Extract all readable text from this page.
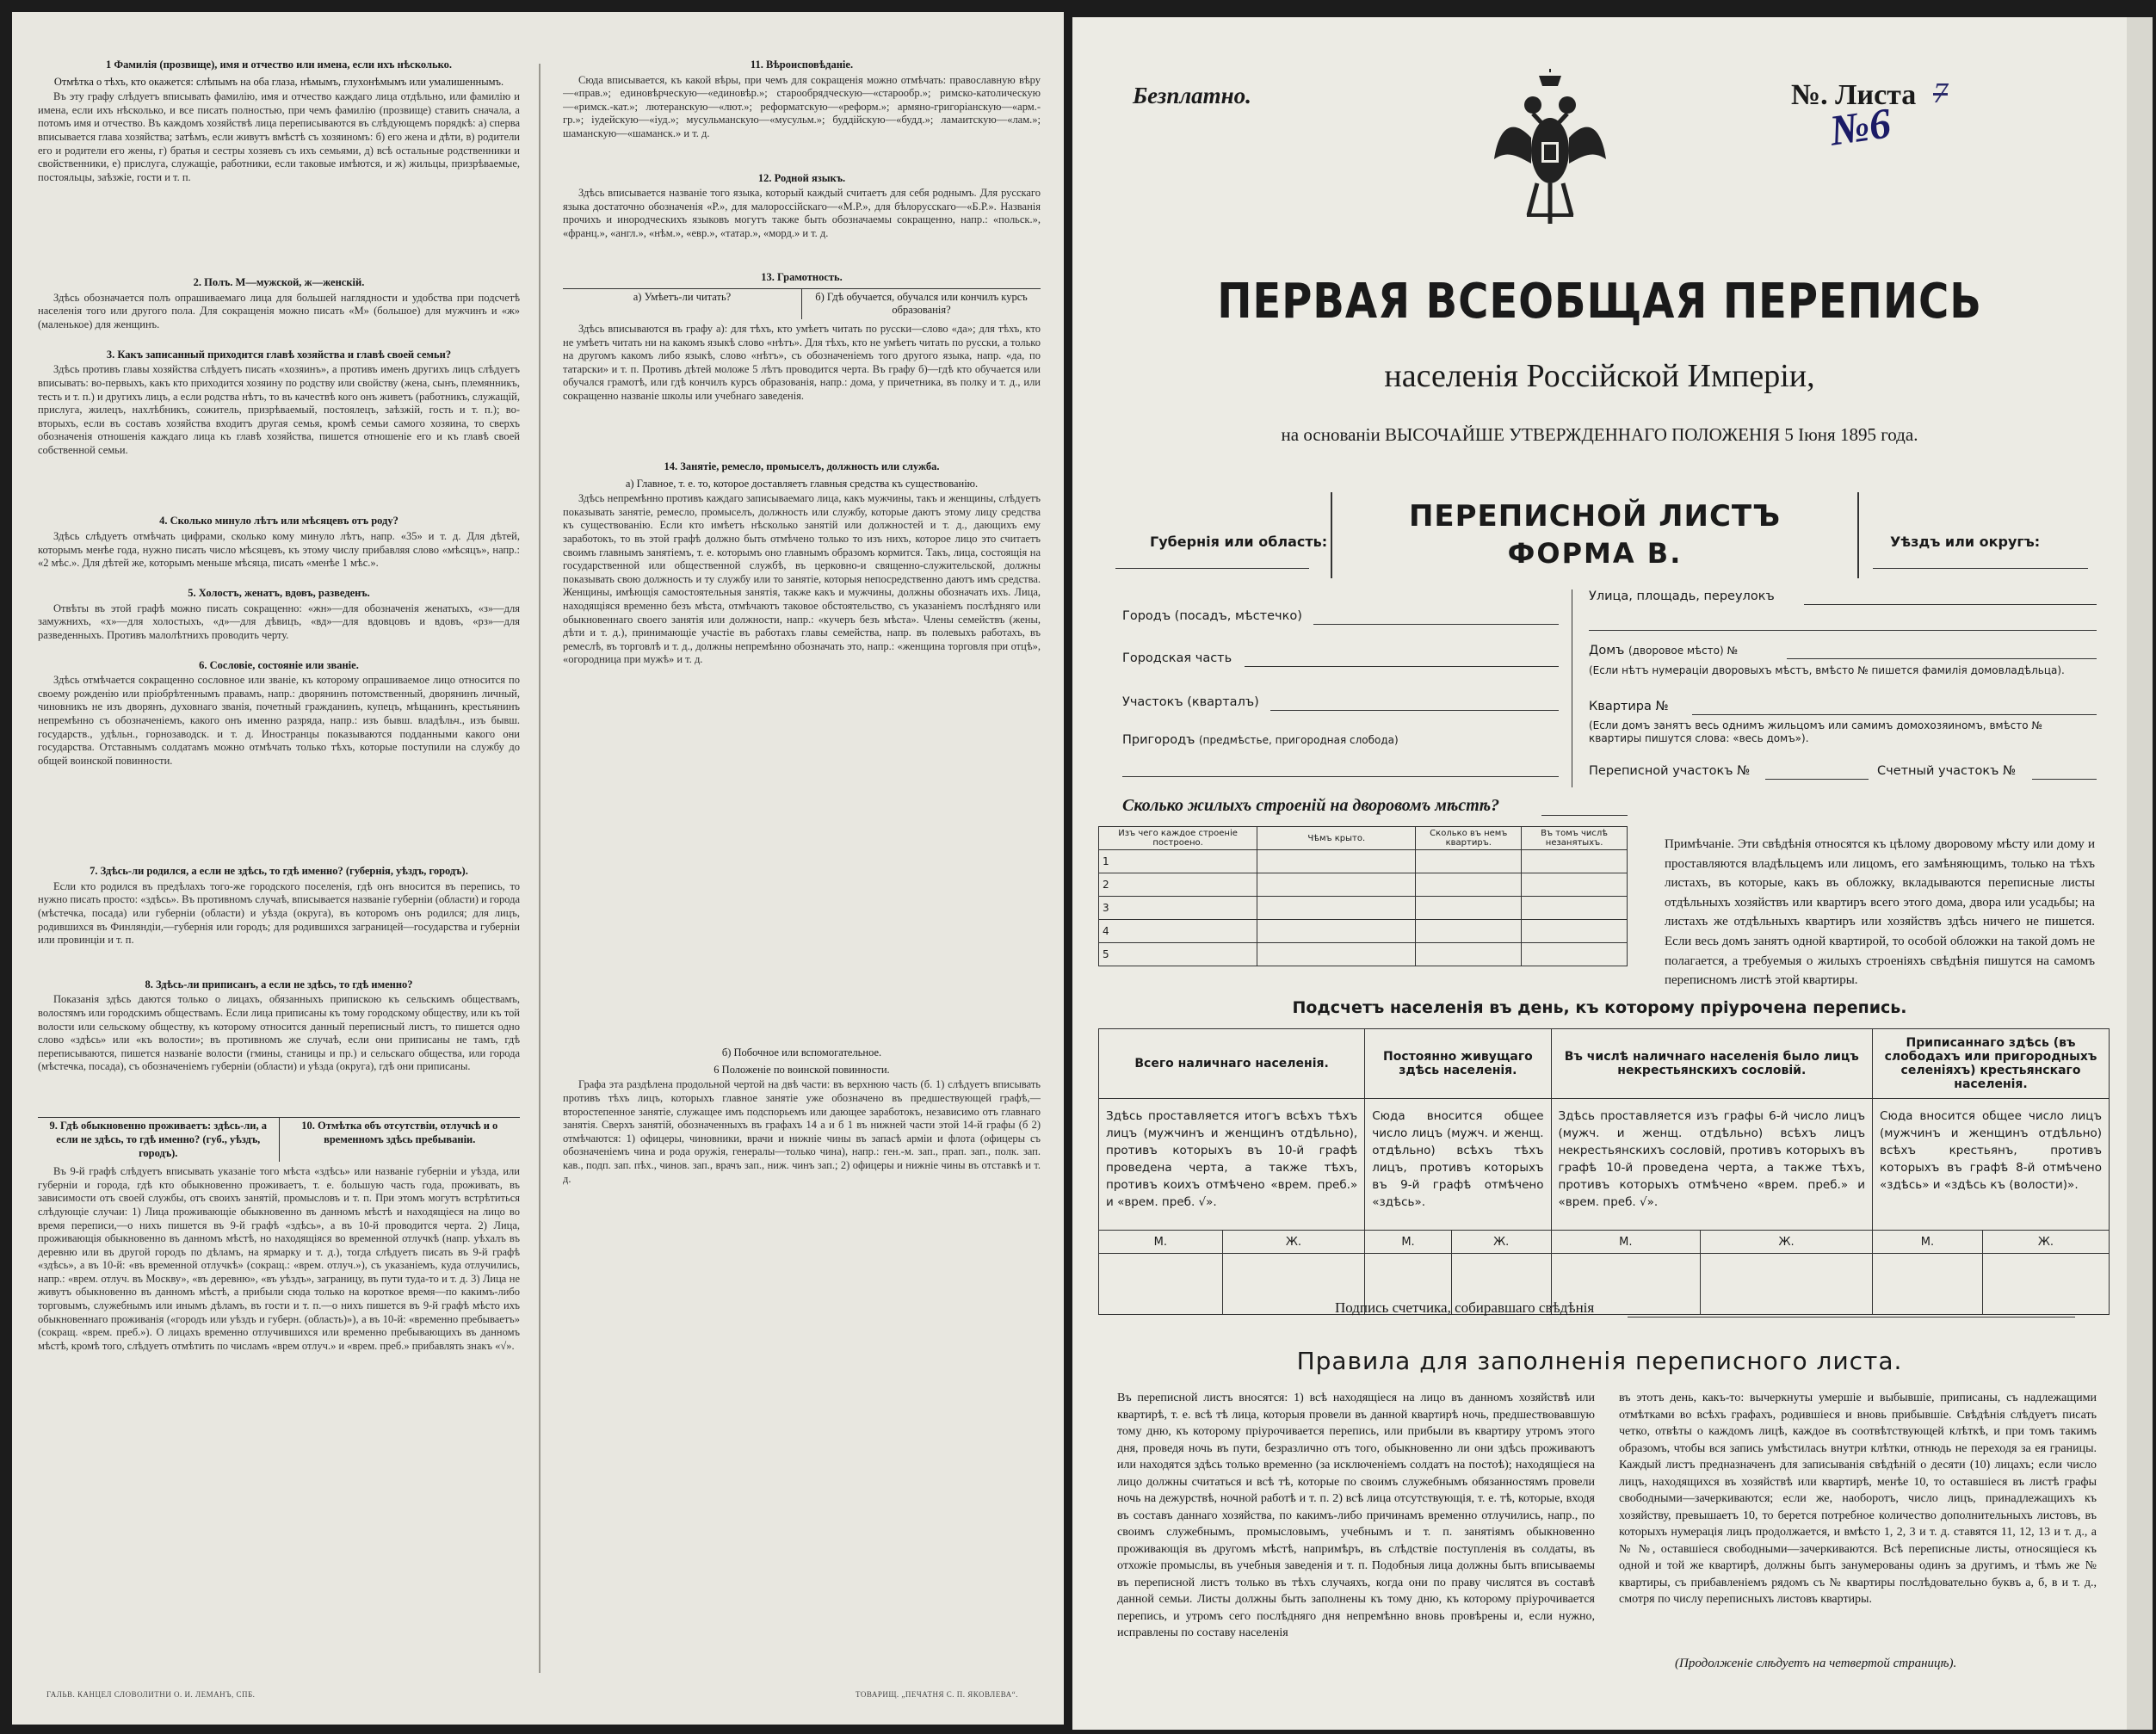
1 Фамилія (прозвище), имя и отчество или имена, если ихъ нѣсколько.
Отмѣтка о тѣхъ, кто окажется: слѣпымъ на оба глаза, нѣмымъ, глухонѣмымъ или умалишеннымъ.

Въ эту графу слѣдуетъ вписывать фамилію, имя и отчество каждаго лица отдѣльно, или фамилію и имена, если ихъ нѣсколько, и все писать полностью, при чемъ фамилію (прозвище) ставить сначала, а потомъ имя и отчество. Въ каждомъ хозяйствѣ лица переписываются въ слѣдующемъ порядкѣ: а) сперва вписывается глава хозяйства; затѣмъ, если живутъ вмѣстѣ съ хозяиномъ: б) его жена и дѣти, в) родители его и родители его жены, г) братья и сестры хозяевъ съ ихъ семьями, д) всѣ остальные родственники и свойственники, е) прислуга, служащіе, работники, если таковые имѣются, и ж) жильцы, призрѣваемые, постояльцы, заѣзжіе, гости и т. п.

2. Полъ. М—мужской, ж—женскій.

Здѣсь обозначается полъ опрашиваемаго лица для большей наглядности и удобства при подсчетѣ населенія того или другого пола. Для сокращенія можно писать «М» (большое) для мужчинъ и «ж» (маленькое) для женщинъ.

3. Какъ записанный приходится главѣ хозяйства и главѣ своей семьи?

Здѣсь противъ главы хозяйства слѣдуетъ писать «хозяинъ», а противъ именъ другихъ лицъ слѣдуетъ вписывать: во-первыхъ, какъ кто приходится хозяину по родству или свойству (жена, сынъ, племянникъ, тесть и т. п.) и другихъ лицъ, а если родства нѣтъ, то въ качествѣ кого онъ живетъ (работникъ, служащій, прислуга, жилецъ, нахлѣбникъ, сожитель, призрѣваемый, постоялецъ, заѣзжій, гость и т. п.); во-вторыхъ, если въ составъ хозяйства входитъ другая семья, кромѣ семьи самого хозяина, то сверхъ обозначенія отношенія каждаго лица къ главѣ хозяйства, пишется отношеніе его и къ главѣ своей собственной семьи.

4. Сколько минуло лѣтъ или мѣсяцевъ отъ роду?

Здѣсь слѣдуетъ отмѣчать цифрами, сколько кому минуло лѣтъ, напр. «35» и т. д. Для дѣтей, которымъ менѣе года, нужно писать число мѣсяцевъ, къ этому числу прибавляя слово «мѣсяцъ», напр.: «2 мѣс.». Для дѣтей же, которымъ меньше мѣсяца, писать «менѣе 1 мѣс.».

5. Холостъ, женатъ, вдовъ, разведенъ.

Отвѣты въ этой графѣ можно писать сокращенно: «жн»—для обозначенія женатыхъ, «з»—для замужнихъ, «х»—для холостыхъ, «д»—для дѣвицъ, «вд»—для вдовцовъ и вдовъ, «рз»—для разведенныхъ. Противъ малолѣтнихъ проводить черту.

6. Сословіе, состояніе или званіе.

Здѣсь отмѣчается сокращенно сословное или званіе, къ которому опрашиваемое лицо относится по своему рожденію или пріобрѣтеннымъ правамъ, напр.: дворянинъ потомственный, дворянинъ личный, чиновникъ не изъ дворянъ, духовнаго званія, почетный гражданинъ, купецъ, мѣщанинъ, крестьянинъ непремѣнно съ обозначеніемъ, какого онъ именно разряда, напр.: изъ бывш. владѣльч., изъ бывш. государств., удѣльн., горнозаводск. и т. д. Иностранцы показываются подданными какого они государства. Отставнымъ солдатамъ можно отмѣчать только тѣхъ, которые поступили на службу до общей воинской повинности.

7. Здѣсь-ли родился, а если не здѣсь, то гдѣ именно? (губернія, уѣздъ, городъ).

Если кто родился въ предѣлахъ того-же городского поселенія, гдѣ онъ вносится въ перепись, то нужно писать просто: «здѣсь». Въ противномъ случаѣ, вписывается названіе губерніи (области) и города (мѣстечка, посада) или губерніи (области) и уѣзда (округа), въ которомъ онъ родился; для лицъ, родившихся въ Финляндіи,—губернія или городъ; для родившихся заграницей—государства и губерніи или провинціи и т. п.

8. Здѣсь-ли приписанъ, а если не здѣсь, то гдѣ именно?

Показанія здѣсь даются только о лицахъ, обязанныхъ припискою къ сельскимъ обществамъ, волостямъ или городскимъ обществамъ. Если лица приписаны къ тому городскому обществу, или къ той волости или сельскому обществу, къ которому относится данный переписный листъ, то пишется одно слово «здѣсь» или «къ волости»; въ противномъ же случаѣ, если они приписаны не тамъ, гдѣ переписываются, пишется названіе волости (гмины, станицы и пр.) и сельскаго общества, или города (мѣстечка, посада), съ обозначеніемъ губерніи (области) и уѣзда (округа), гдѣ они приписаны.

9. Гдѣ обыкновенно проживаетъ: здѣсь-ли, а если не здѣсь, то гдѣ именно? (губ., уѣздъ, городъ).
10. Отмѣтка объ отсутствіи, отлучкѣ и о временномъ здѣсь пребываніи.

Въ 9-й графѣ слѣдуетъ вписывать указаніе того мѣста «здѣсь» или названіе губерніи и уѣзда, или губерніи и города, гдѣ кто обыкновенно проживаетъ, т. е. большую часть года, проживать, въ зависимости отъ своей службы, отъ своихъ занятій, промысловъ и т. п. При этомъ могутъ встрѣтиться слѣдующіе случаи: 1) Лица проживающіе обыкновенно въ данномъ мѣстѣ и находящіеся на лицо во время переписи,—о нихъ пишется въ 9-й графѣ «здѣсь», а въ 10-й проводится черта. 2) Лица, проживающія обыкновенно въ данномъ мѣстѣ, но находящіяся во временной отлучкѣ (напр. уѣхалъ въ деревню или въ другой городъ по дѣламъ, на ярмарку и т. д.), тогда слѣдуетъ писать въ 9-й графѣ «здѣсь», а въ 10-й: «въ временной отлучкѣ» (сокращ.: «врем. отлуч.»), съ указаніемъ, куда отлучились, напр.: «врем. отлуч. въ Москву», «въ деревню», «въ уѣздъ», заграницу, въ пути туда-то и т. д. 3) Лица не живутъ обыкновенно въ данномъ мѣстѣ, а прибыли сюда только на короткое время—по какимъ-либо торговымъ, служебнымъ или инымъ дѣламъ, въ гости и т. п.—о нихъ пишется въ 9-й графѣ мѣсто ихъ обыкновеннаго проживанія («городъ или уѣздъ и губерн. (область)»), а въ 10-й: «временно пребываетъ» (сокращ. «врем. преб.»). О лицахъ временно отлучившихся или временно пребывающихъ въ данномъ мѣстѣ, кромѣ того, слѣдуетъ отмѣтить по числамъ «врем отлуч.» и «врем. преб.» прибавлять знакъ «√».

ГАЛЬВ. КАНЦЕЛ СЛОВОЛИТНИ О. И. ЛЕМАНЪ, СПБ.
11. Вѣроисповѣданіе.

Сюда вписывается, къ какой вѣры, при чемъ для сокращенія можно отмѣчать: православную вѣру—«прав.»; единовѣрческую—«единовѣр.»; старообрядческую—«старообр.»; римско-католическую—«римск.-кат.»; лютеранскую—«лют.»; реформатскую—«реформ.»; армяно-григоріанскую—«арм.-гр.»; іудейскую—«іуд.»; мусульманскую—«мусульм.»; буддійскую—«будд.»; ламаитскую—«лам.»; шаманскую—«шаманск.» и т. д.

12. Родной языкъ.

Здѣсь вписывается названіе того языка, который каждый считаетъ для себя роднымъ. Для русскаго языка достаточно обозначенія «Р.», для малороссійскаго—«М.Р.», для бѣлорусскаго—«Б.Р.». Названія прочихъ и инородческихъ языковъ могутъ также быть обозначаемы сокращенно, напр.: «польск.», «франц.», «англ.», «нѣм.», «евр.», «татар.», «морд.» и т. д.

13. Грамотность.
а) Умѣетъ-ли читать?	б) Гдѣ обучается, обучался или кончилъ курсъ образованія?

Здѣсь вписываются въ графу а): для тѣхъ, кто умѣетъ читать по русски—слово «да»; для тѣхъ, кто не умѣетъ читать ни на какомъ языкѣ слово «нѣтъ». Для тѣхъ, кто не умѣетъ читать по русски, а только на другомъ какомъ либо языкѣ, слово «нѣтъ», съ обозначеніемъ того другого языка, напр. «да, по татарски» и т. п. Противъ дѣтей моложе 5 лѣтъ проводится черта. Въ графу б)—гдѣ кто обучается или обучался грамотѣ, или гдѣ кончилъ курсъ образованія, напр.: дома, у причетника, въ полку и т. д., или сокращенно названіе школы или учебнаго заведенія.

14. Занятіе, ремесло, промыселъ, должность или служба.
а) Главное, т. е. то, которое доставляетъ главныя средства къ существованію.

Здѣсь непремѣнно противъ каждаго записываемаго лица, какъ мужчины, такъ и женщины, слѣдуетъ показывать занятіе, ремесло, промыселъ, должность или службу, которые даютъ этому лицу средства къ существованію. Если кто имѣетъ нѣсколько занятій или должностей и т. д., дающихъ ему заработокъ, то въ этой графѣ должно быть отмѣчено только то изъ нихъ, которое лицо это считаетъ своимъ главнымъ занятіемъ, т. е. которымъ оно главнымъ образомъ кормится. Такъ, лица, состоящія на государственной или общественной службѣ, въ церковно-и священно-служительской, должны показывать свою должность и ту службу или то занятіе, которыя непосредственно даютъ имъ средства. Женщины, имѣющія самостоятельныя занятія, также какъ и мужчины, должны обозначать ихъ. Лица, находящіяся временно безъ мѣста, отмѣчаютъ таковое обстоятельство, съ указаніемъ послѣдняго или обыкновеннаго своего занятія или должности, напр.: «кучеръ безъ мѣста». Члены семействъ (жены, дѣти и т. д.), принимающіе участіе въ работахъ главы семейства, напр. въ полевыхъ работахъ, въ ремеслѣ, въ торговлѣ и т. д., должны непремѣнно обозначать это, напр.: «женщина торговля при отцѣ», «огородница при мужѣ» и т. д.

б) Побочное или вспомогательное.
6 Положеніе по воинской повинности.

Графа эта раздѣлена продольной чертой на двѣ части: въ верхнюю часть (б. 1) слѣдуетъ вписывать противъ тѣхъ лицъ, которыхъ главное занятіе уже обозначено въ предшествующей графѣ,—второстепенное занятіе, служащее имъ подспорьемъ или дающее заработокъ, независимо отъ главнаго занятія. Сверхъ занятій, обозначенныхъ въ графахъ 14 а и б 1 въ нижней части этой 14-й графы (б 2) отмѣчаются: 1) офицеры, чиновники, врачи и нижніе чины въ запасѣ арміи и флота (офицеры съ обозначеніемъ чина и рода оружія, генералы—только чина), напр.: ген.-м. зап., прап. зап., полк. зап. кав., подп. зап. пѣх., чинов. зап., врачъ зап., ниж. чинъ зап.; 2) офицеры и нижніе чины въ отставкѣ и т. д.

ТОВАРИЩ. „ПЕЧАТНЯ С. П. ЯКОВЛЕВА“.
Безплатно.	№. Листа 7
№6
ПЕРВАЯ ВСЕОБЩАЯ ПЕРЕПИСЬ
населенія Россійской Имперіи,
на основаніи ВЫСОЧАЙШЕ УТВЕРЖДЕННАГО ПОЛОЖЕНІЯ 5 Іюня 1895 года.
Губернія или область:
ПЕРЕПИСНОЙ ЛИСТЪ
ФОРМА В.	Уѣздъ или округъ:
Городъ (посадъ, мѣстечко)
Городская часть
Участокъ (кварталъ)
Пригородъ (предмѣстье, пригородная слобода)
Улица, площадь, переулокъ
Домъ (дворовое мѣсто) №
(Если нѣтъ нумераціи дворовыхъ мѣстъ, вмѣсто № пишется фамилія домовладѣльца).
Квартира №
(Если домъ занятъ весь однимъ жильцомъ или самимъ домохозяиномъ, вмѣсто № квартиры пишутся слова: «весь домъ»).
Переписной участокъ №	Счетный участокъ №
Сколько жилыхъ строеній на дворовомъ мѣстѣ?
Изъ чего каждое строеніе построено.	Чѣмъ крыто.	Сколько въ немъ квартиръ.	Въ томъ числѣ незанятыхъ.
1			
2			
3			
4			
5			
Примѣчаніе. Эти свѣдѣнія относятся къ цѣлому дворовому мѣсту или дому и проставляются владѣльцемъ или лицомъ, его замѣняющимъ, только на тѣхъ листахъ, въ которые, какъ въ обложку, вкладываются переписные листы отдѣльныхъ хозяйствъ или квартиръ всего этого дома, дворa или усадьбы; на листахъ же отдѣльныхъ квартиръ или хозяйствъ здѣсь ничего не пишется. Если весь домъ занятъ одной квартирой, то особой обложки на такой домъ не полагается, а требуемыя о жилыхъ строеніяхъ свѣдѣнія пишутся на самомъ переписномъ листѣ этой квартиры.
Подсчетъ населенія въ день, къ которому пріурочена перепись.
Всего наличнаго населенія.		Постоянно живущаго здѣсь населенія.		Въ числѣ наличнаго населенія было лицъ некрестьянскихъ сословій.		Приписаннаго здѣсь (въ слободахъ или пригородныхъ селеніяхъ) крестьянскаго населенія.	
Здѣсь проставляется итогъ всѣхъ тѣхъ лицъ (мужчинъ и женщинъ отдѣльно), противъ которыхъ въ 10-й графѣ проведена черта, а также тѣхъ, противъ коихъ отмѣчено «врем. преб.» и «врем. преб. √».		Сюда вносится общее число лицъ (мужч. и женщ. отдѣльно) всѣхъ тѣхъ лицъ, противъ которыхъ въ 9-й графѣ отмѣчено «здѣсь».		Здѣсь проставляется изъ графы 6-й число лицъ (мужч. и женщ. отдѣльно) всѣхъ лицъ некрестьянскихъ сословій, противъ которыхъ въ графѣ 10-й проведена черта, а также тѣхъ, противъ которыхъ отмѣчено «врем. преб.» и «врем. преб. √».		Сюда вносится общее число лицъ (мужчинъ и женщинъ отдѣльно) всѣхъ крестьянъ, противъ которыхъ въ графѣ 8-й отмѣчено «здѣсь» и «здѣсь къ (волости)».	
М.	Ж.	М.	Ж.	М.	Ж.	М.	Ж.

Подпись счетчика, собиравшаго свѣдѣнія
Правила для заполненія переписного листа.
Въ переписной листъ вносятся: 1) всѣ находящіеся на лицо въ данномъ хозяйствѣ или квартирѣ, т. е. всѣ тѣ лица, которыя провели въ данной квартирѣ ночь, предшествовавшую тому дню, къ которому пріурочивается перепись, или прибыли въ квартиру утромъ этого дня, проведя ночь въ пути, безразлично отъ того, обыкновенно ли они здѣсь проживаютъ или находятся здѣсь только временно (за исключеніемъ солдатъ на постоѣ); находящіеся на лицо должны считаться и всѣ тѣ, которые по своимъ служебнымъ обязанностямъ провели ночь на дежурствѣ, ночной работѣ и т. п. 2) всѣ лица отсутствующія, т. е. тѣ, которые, входя въ составъ даннаго хозяйства, по какимъ-либо причинамъ временно отлучились, напр., по своимъ служебнымъ, промысловымъ, учебнымъ и т. п. занятіямъ обыкновенно проживающія въ другомъ мѣстѣ, напримѣръ, въ слѣдствіе поступленія въ солдаты, въ отхожіе промыслы, въ учебныя заведенія и т. п. Подобныя лица должны быть вписываемы въ переписной листъ только въ тѣхъ случаяхъ, когда они по праву числятся въ составѣ данной семьи. Листы должны быть заполнены къ тому дню, къ которому пріурочивается перепись, и утромъ сего послѣдняго дня непремѣнно вновь провѣрены и, если нужно, исправлены по составу населенія
въ этотъ день, какъ-то: вычеркнуты умершіе и выбывшіе, приписаны, съ надлежащими отмѣтками во всѣхъ графахъ, родившіеся и вновь прибывшіе. Свѣдѣнія слѣдуетъ писать четко, отвѣты о каждомъ лицѣ, каждое въ соотвѣтствующей клѣткѣ, и при томъ такимъ образомъ, чтобы вся запись умѣстилась внутри клѣтки, отнюдь не переходя за ея границы. Каждый листъ предназначенъ для записыванія свѣдѣній о десяти (10) лицахъ; если число лицъ, находящихся въ хозяйствѣ или квартирѣ, менѣе 10, то оставшіеся въ листѣ графы свободными—зачеркиваются; если же, наоборотъ, число лицъ, принадлежащихъ къ хозяйству, превышаетъ 10, то берется потребное количество дополнительныхъ листовъ, въ которыхъ нумерація лицъ продолжается, и вмѣсто 1, 2, 3 и т. д. ставятся 11, 12, 13 и т. д., а № №, оставшіеся свободными—зачеркиваются. Всѣ переписные листы, относящіеся къ одной и той же квартирѣ, должны быть занумерованы одинъ за другимъ, и тѣмъ же № квартиры, съ прибавленіемъ рядомъ съ № квартиры послѣдовательно буквъ а, б, в и т. д., смотря по числу переписныхъ листовъ квартиры.
(Продолженіе слѣдуетъ на четвертой страницѣ).
